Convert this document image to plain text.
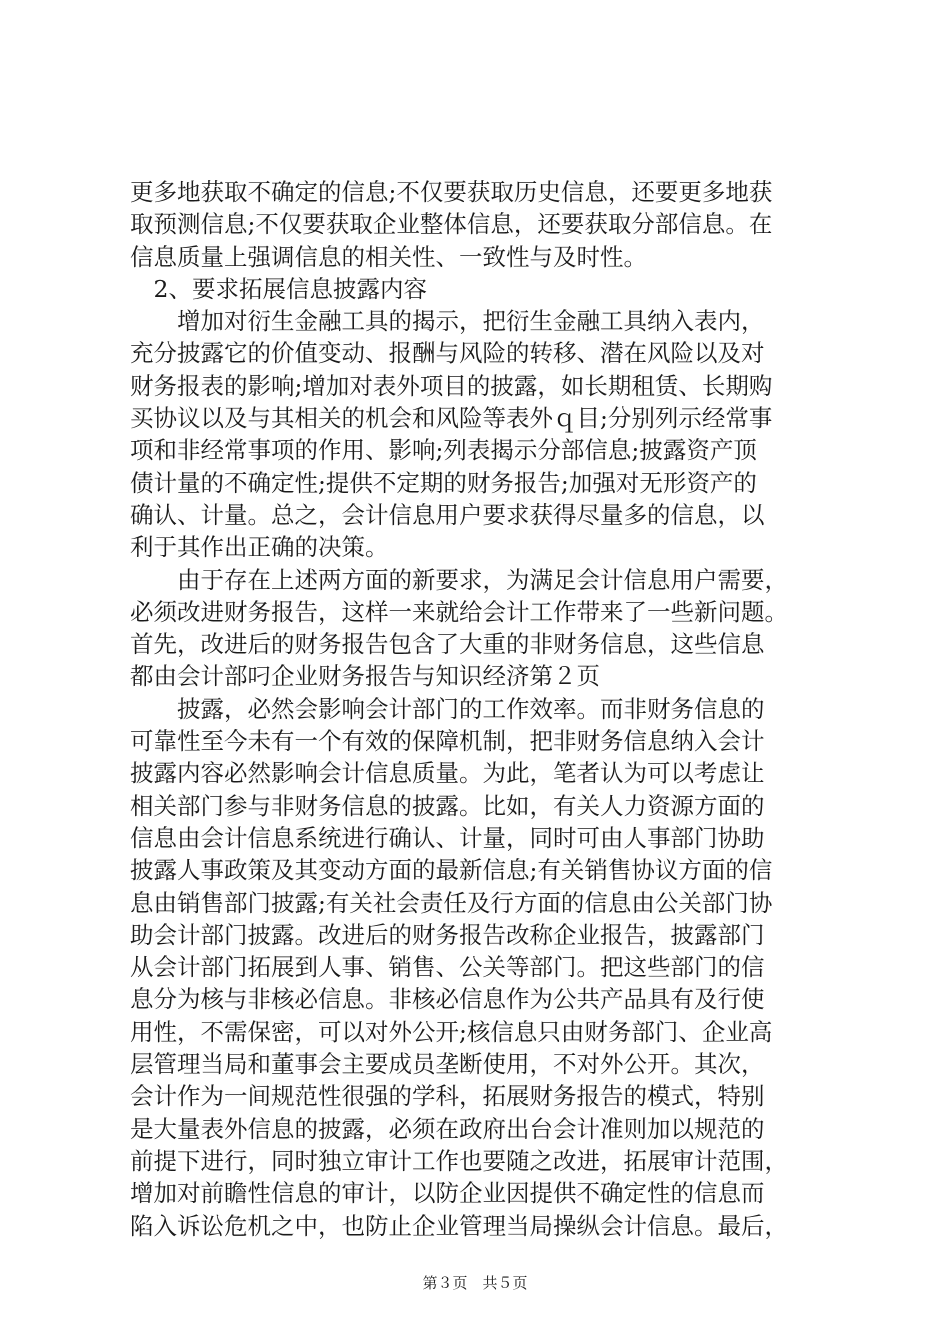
更多地获取不确定的信息;不仅要获取历史信息，还要更多地获
取预测信息;不仅要获取企业整体信息，还要获取分部信息。在
信息质量上强调信息的相关性、一致性与及时性。
　2、要求拓展信息披露内容
　　增加对衍生金融工具的揭示，把衍生金融工具纳入表内，
充分披露它的价值变动、报酬与风险的转移、潜在风险以及对
财务报表的影响;增加对表外项目的披露，如长期租赁、长期购
买协议以及与其相关的机会和风险等表外ｑ目;分别列示经常事
项和非经常事项的作用、影响;列表揭示分部信息;披露资产顶
债计量的不确定性;提供不定期的财务报告;加强对无形资产的
确认、计量。总之，会计信息用户要求获得尽量多的信息，以
利于其作出正确的决策。
　　由于存在上述两方面的新要求，为满足会计信息用户需要，
必须改进财务报告，这样一来就给会计工作带来了一些新问题。
首先，改进后的财务报告包含了大重的非财务信息，这些信息
都由会计部叼企业财务报告与知识经济第２页
　　披露，必然会影响会计部门的工作效率。而非财务信息的
可靠性至今未有一个有效的保障机制，把非财务信息纳入会计
披露内容必然影响会计信息质量。为此，笔者认为可以考虑让
相关部门参与非财务信息的披露。比如，有关人力资源方面的
信息由会计信息系统进行确认、计量，同时可由人事部门协助
披露人事政策及其变动方面的最新信息;有关销售协议方面的信
息由销售部门披露;有关社会责任及行方面的信息由公关部门协
助会计部门披露。改进后的财务报告改称企业报告，披露部门
从会计部门拓展到人事、销售、公关等部门。把这些部门的信
息分为核与非核必信息。非核必信息作为公共产品具有及行使
用性，不需保密，可以对外公开;核信息只由财务部门、企业高
层管理当局和董事会主要成员垄断使用，不对外公开。其次，
会计作为一间规范性很强的学科，拓展财务报告的模式，特别
是大量表外信息的披露，必须在政府出台会计准则加以规范的
前提下进行，同时独立审计工作也要随之改进，拓展审计范围，
增加对前瞻性信息的审计，以防企业因提供不确定性的信息而
陷入诉讼危机之中，也防止企业管理当局操纵会计信息。最后，
第３页　共５页
